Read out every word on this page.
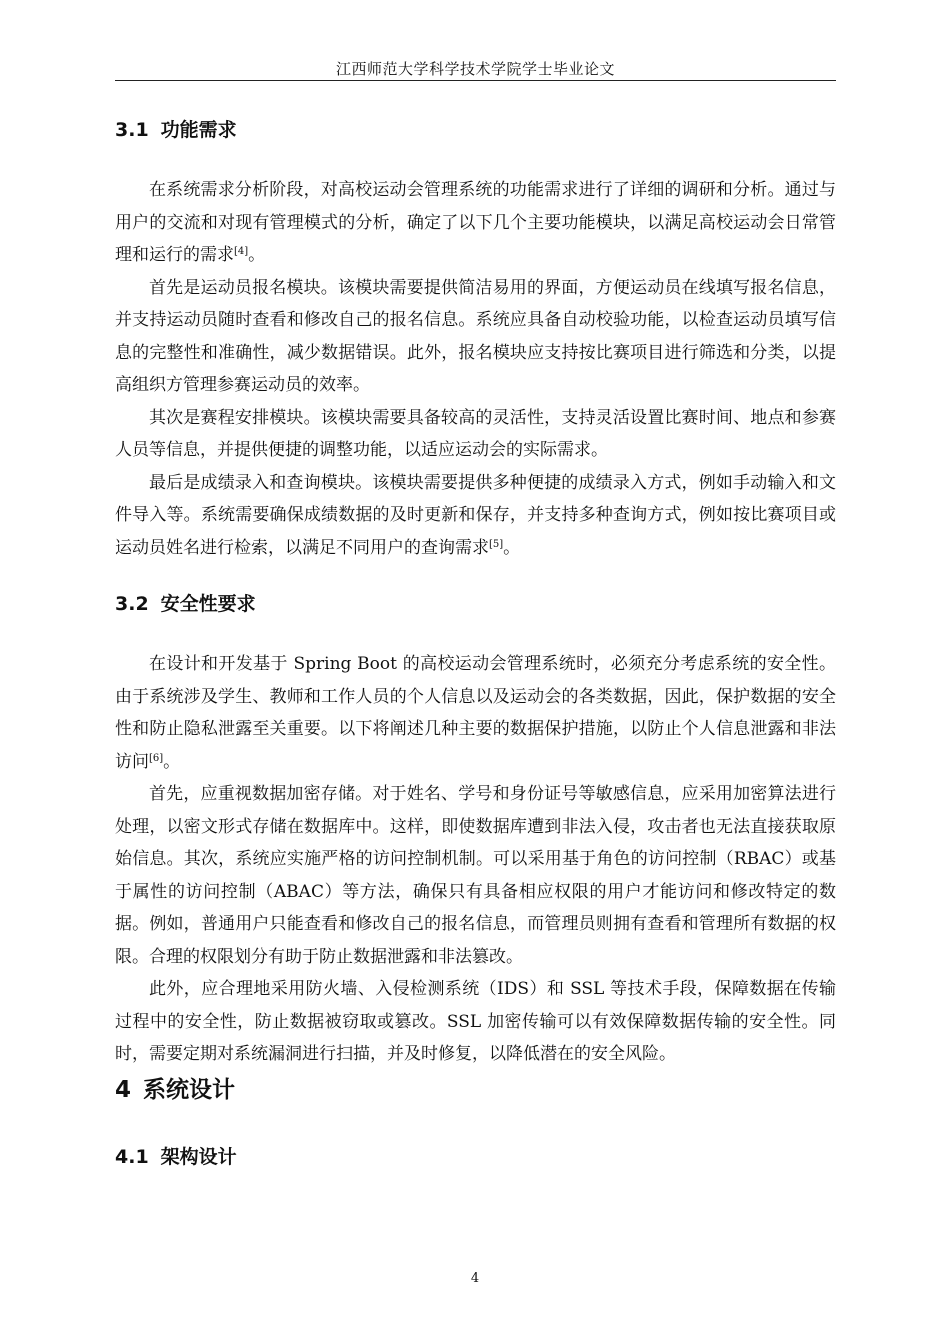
江西师范大学科学技术学院学士毕业论文
3.1 功能需求

在系统需求分析阶段，对高校运动会管理系统的功能需求进行了详细的调研和分析。通过与用户的交流和对现有管理模式的分析，确定了以下几个主要功能模块，以满足高校运动会日常管理和运行的需求[4]。

首先是运动员报名模块。该模块需要提供简洁易用的界面，方便运动员在线填写报名信息，并支持运动员随时查看和修改自己的报名信息。系统应具备自动校验功能，以检查运动员填写信息的完整性和准确性，减少数据错误。此外，报名模块应支持按比赛项目进行筛选和分类，以提高组织方管理参赛运动员的效率。

其次是赛程安排模块。该模块需要具备较高的灵活性，支持灵活设置比赛时间、地点和参赛人员等信息，并提供便捷的调整功能，以适应运动会的实际需求。

最后是成绩录入和查询模块。该模块需要提供多种便捷的成绩录入方式，例如手动输入和文件导入等。系统需要确保成绩数据的及时更新和保存，并支持多种查询方式，例如按比赛项目或运动员姓名进行检索，以满足不同用户的查询需求[5]。

3.2 安全性要求

在设计和开发基于 Spring Boot 的高校运动会管理系统时，必须充分考虑系统的安全性。由于系统涉及学生、教师和工作人员的个人信息以及运动会的各类数据，因此，保护数据的安全性和防止隐私泄露至关重要。以下将阐述几种主要的数据保护措施，以防止个人信息泄露和非法访问[6]。

首先，应重视数据加密存储。对于姓名、学号和身份证号等敏感信息，应采用加密算法进行处理，以密文形式存储在数据库中。这样，即使数据库遭到非法入侵，攻击者也无法直接获取原始信息。其次，系统应实施严格的访问控制机制。可以采用基于角色的访问控制（RBAC）或基于属性的访问控制（ABAC）等方法，确保只有具备相应权限的用户才能访问和修改特定的数据。例如，普通用户只能查看和修改自己的报名信息，而管理员则拥有查看和管理所有数据的权限。合理的权限划分有助于防止数据泄露和非法篡改。

此外，应合理地采用防火墙、入侵检测系统（IDS）和 SSL 等技术手段，保障数据在传输过程中的安全性，防止数据被窃取或篡改。SSL 加密传输可以有效保障数据传输的安全性。同时，需要定期对系统漏洞进行扫描，并及时修复，以降低潜在的安全风险。

4 系统设计
4.1 架构设计
4
